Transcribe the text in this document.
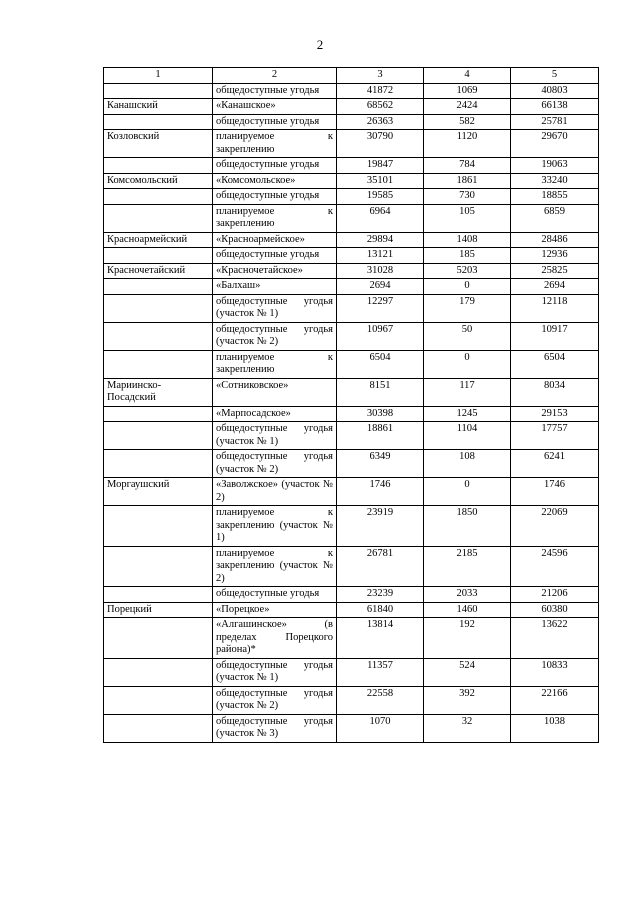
2
1	2	3	4	5
	общедоступные угодья	41872	1069	40803
Канашский	«Канашское»	68562	2424	66138
	общедоступные угодья	26363	582	25781
Козловский	планируемое к закреплению	30790	1120	29670
	общедоступные угодья	19847	784	19063
Комсомольский	«Комсомольское»	35101	1861	33240
	общедоступные угодья	19585	730	18855
	планируемое к закреплению	6964	105	6859
Красноармейский	«Красноармейское»	29894	1408	28486
	общедоступные угодья	13121	185	12936
Красночетайский	«Красночетайское»	31028	5203	25825
	«Балхаш»	2694	0	2694
	общедоступные угодья (участок № 1)	12297	179	12118
	общедоступные угодья (участок № 2)	10967	50	10917
	планируемое к закреплению	6504	0	6504
Мариинско-Посадский	«Сотниковское»	8151	117	8034
	«Марпосадское»	30398	1245	29153
	общедоступные угодья (участок № 1)	18861	1104	17757
	общедоступные угодья (участок № 2)	6349	108	6241
Моргаушский	«Заволжское» (участок № 2)	1746	0	1746
	планируемое к закреплению (участок № 1)	23919	1850	22069
	планируемое к закреплению (участок № 2)	26781	2185	24596
	общедоступные угодья	23239	2033	21206
Порецкий	«Порецкое»	61840	1460	60380
	«Алгашинское» (в пределах Порецкого района)*	13814	192	13622
	общедоступные угодья (участок № 1)	11357	524	10833
	общедоступные угодья (участок № 2)	22558	392	22166
	общедоступные угодья (участок № 3)	1070	32	1038
